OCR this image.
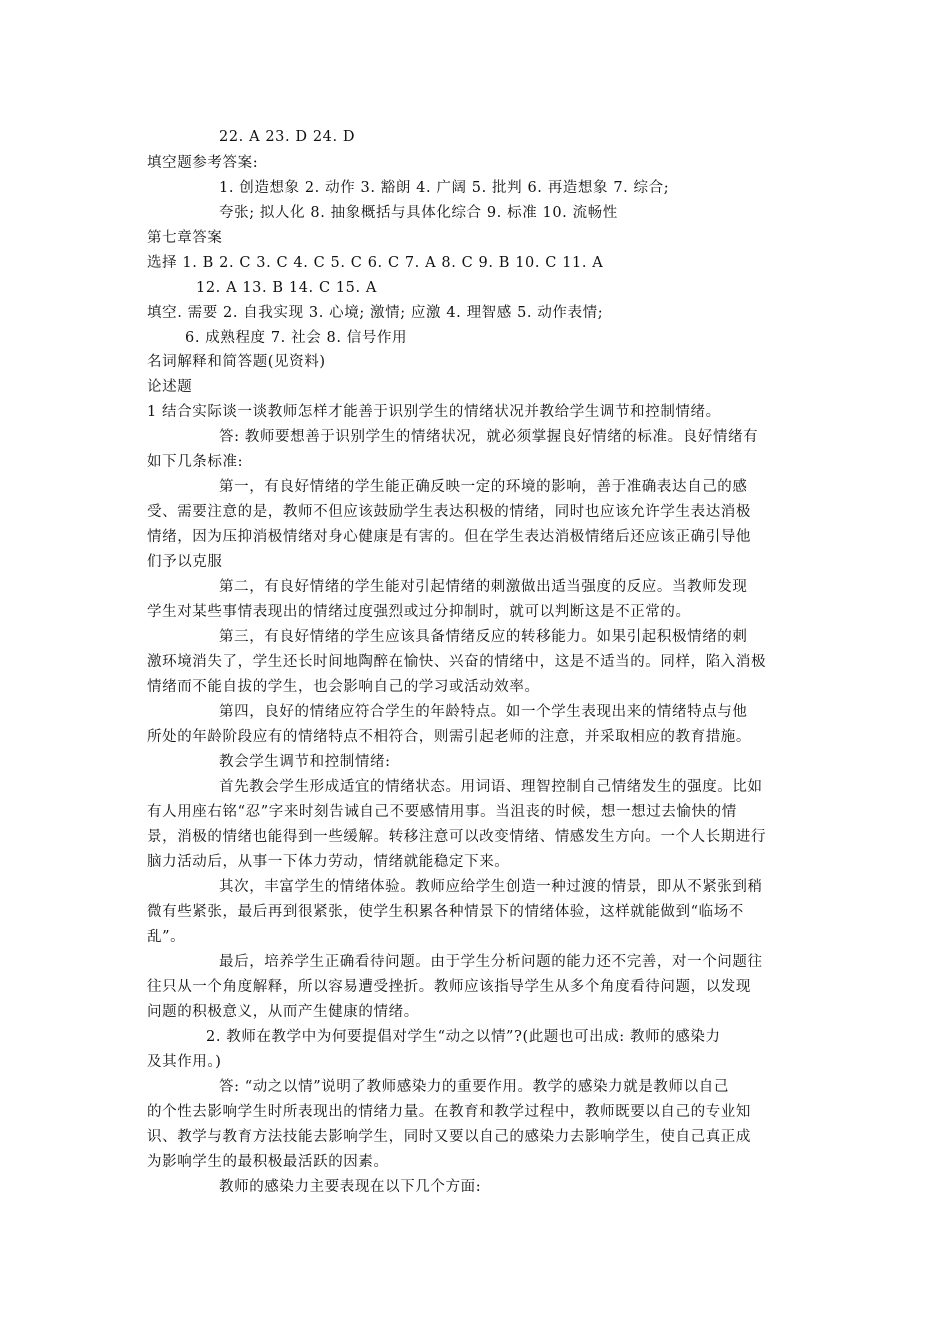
22. A 23. D 24. D
填空题参考答案:
1. 创造想象 2. 动作 3. 豁朗 4. 广阔 5. 批判 6. 再造想象 7. 综合;
夸张; 拟人化 8. 抽象概括与具体化综合 9. 标准 10. 流畅性
第七章答案
选择 1. B 2. C 3. C 4. C 5. C 6. C 7. A 8. C 9. B 10. C 11. A
12. A 13. B 14. C 15. A
填空. 需要 2. 自我实现 3. 心境; 激情; 应激 4. 理智感 5. 动作表情;
6. 成熟程度 7. 社会 8. 信号作用
名词解释和简答题(见资料)
论述题
1 结合实际谈一谈教师怎样才能善于识别学生的情绪状况并教给学生调节和控制情绪。
答: 教师要想善于识别学生的情绪状况，就必须掌握良好情绪的标准。良好情绪有
如下几条标准:
第一，有良好情绪的学生能正确反映一定的环境的影响，善于准确表达自己的感
受、需要注意的是，教师不但应该鼓励学生表达积极的情绪，同时也应该允许学生表达消极
情绪，因为压抑消极情绪对身心健康是有害的。但在学生表达消极情绪后还应该正确引导他
们予以克服
第二，有良好情绪的学生能对引起情绪的刺激做出适当强度的反应。当教师发现
学生对某些事情表现出的情绪过度强烈或过分抑制时，就可以判断这是不正常的。
第三，有良好情绪的学生应该具备情绪反应的转移能力。如果引起积极情绪的刺
激环境消失了，学生还长时间地陶醉在愉快、兴奋的情绪中，这是不适当的。同样，陷入消极
情绪而不能自拔的学生，也会影响自己的学习或活动效率。
第四，良好的情绪应符合学生的年龄特点。如一个学生表现出来的情绪特点与他
所处的年龄阶段应有的情绪特点不相符合，则需引起老师的注意，并采取相应的教育措施。
教会学生调节和控制情绪:
首先教会学生形成适宜的情绪状态。用词语、理智控制自己情绪发生的强度。比如
有人用座右铭“忍”字来时刻告诫自己不要感情用事。当沮丧的时候，想一想过去愉快的情
景，消极的情绪也能得到一些缓解。转移注意可以改变情绪、情感发生方向。一个人长期进行
脑力活动后，从事一下体力劳动，情绪就能稳定下来。
其次，丰富学生的情绪体验。教师应给学生创造一种过渡的情景，即从不紧张到稍
微有些紧张，最后再到很紧张，使学生积累各种情景下的情绪体验，这样就能做到“临场不
乱”。
最后，培养学生正确看待问题。由于学生分析问题的能力还不完善，对一个问题往
往只从一个角度解释，所以容易遭受挫折。教师应该指导学生从多个角度看待问题，以发现
问题的积极意义，从而产生健康的情绪。
2. 教师在教学中为何要提倡对学生“动之以情”?(此题也可出成: 教师的感染力
及其作用。)
答: “动之以情”说明了教师感染力的重要作用。教学的感染力就是教师以自己
的个性去影响学生时所表现出的情绪力量。在教育和教学过程中，教师既要以自己的专业知
识、教学与教育方法技能去影响学生，同时又要以自己的感染力去影响学生，使自己真正成
为影响学生的最积极最活跃的因素。
教师的感染力主要表现在以下几个方面:
